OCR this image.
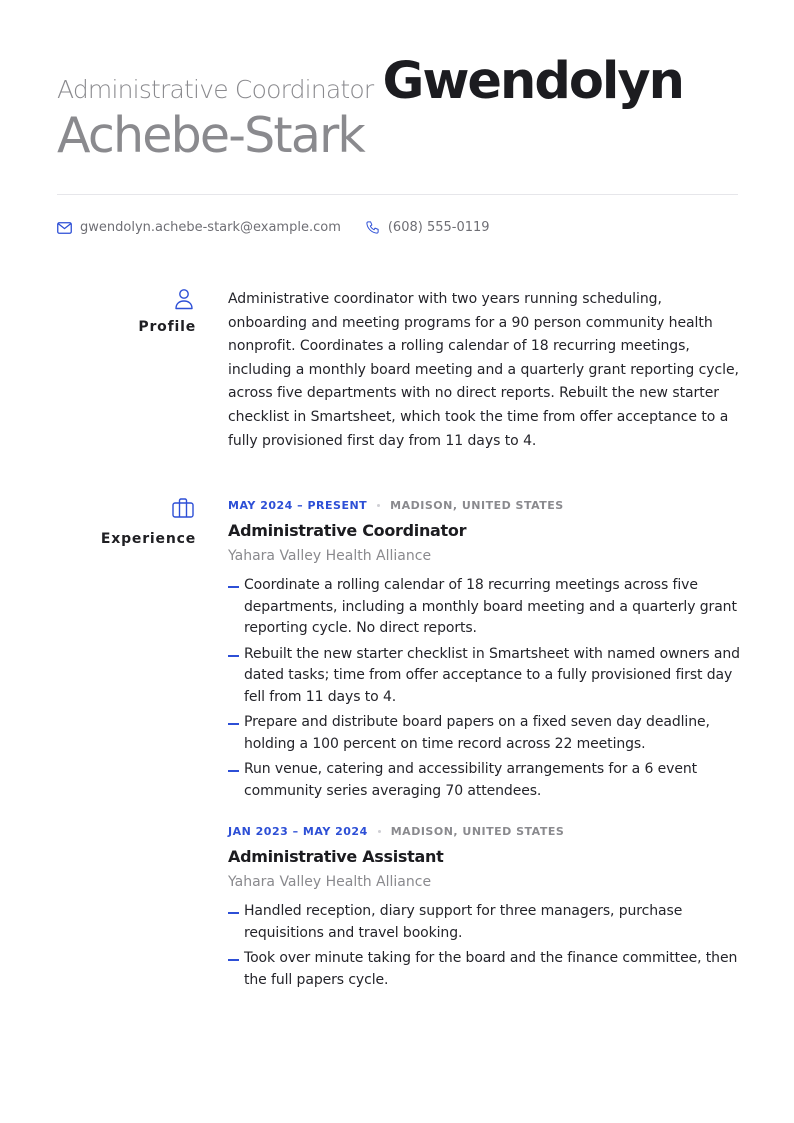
Administrative Coordinator Gwendolyn
Achebe-Stark
gwendolyn.achebe-stark@example.com	(608) 555-0119
Profile

Administrative coordinator with two years running scheduling, onboarding and meeting programs for a 90 person community health nonprofit. Coordinates a rolling calendar of 18 recurring meetings, including a monthly board meeting and a quarterly grant reporting cycle, across five departments with no direct reports. Rebuilt the new starter checklist in Smartsheet, which took the time from offer acceptance to a fully provisioned first day from 11 days to 4.

Experience
MAY 2024 – PRESENT MADISON, UNITED STATES
Administrative Coordinator
Yahara Valley Health Alliance
Coordinate a rolling calendar of 18 recurring meetings across five departments, including a monthly board meeting and a quarterly grant reporting cycle. No direct reports.
Rebuilt the new starter checklist in Smartsheet with named owners and dated tasks; time from offer acceptance to a fully provisioned first day fell from 11 days to 4.
Prepare and distribute board papers on a fixed seven day deadline, holding a 100 percent on time record across 22 meetings.
Run venue, catering and accessibility arrangements for a 6 event community series averaging 70 attendees.
JAN 2023 – MAY 2024 MADISON, UNITED STATES
Administrative Assistant
Yahara Valley Health Alliance
Handled reception, diary support for three managers, purchase requisitions and travel booking.
Took over minute taking for the board and the finance committee, then the full papers cycle.
